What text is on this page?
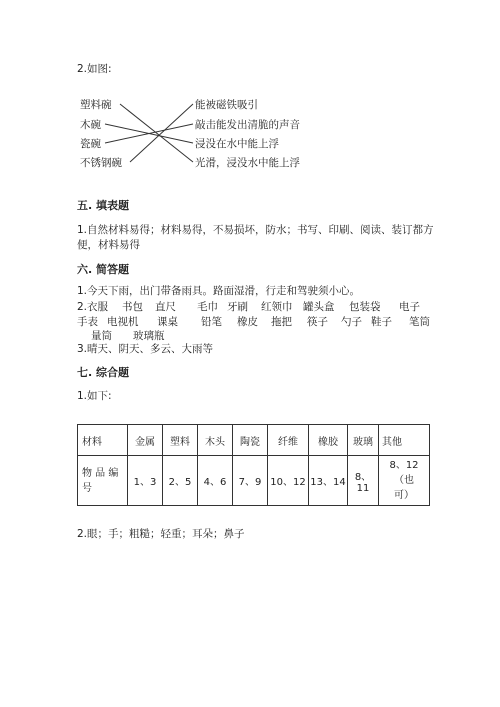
2.如图:
塑料碗
木碗
瓷碗
不锈钢碗
能被磁铁吸引
敲击能发出清脆的声音
浸没在水中能上浮
光滑，浸没水中能上浮
五. 填表题
1.自然材料易得；材料易得，不易损坏，防水；书写、印刷、阅读、装订都方
便，材料易得
六. 简答题
1.今天下雨，出门带备雨具。路面湿滑，行走和驾驶须小心。
2.衣服 书包 直尺 毛巾 牙刷 红领巾 罐头盒 包装袋 电子
手表 电视机 课桌 铅笔 橡皮 拖把 筷子 勺子 鞋子 笔筒
量筒 玻璃瓶
3.晴天、阴天、多云、大雨等
七. 综合题
1.如下:
材料	金属	塑料	木头	陶瓷	纤维	橡胶	玻璃	其他
物 品 编
号	1、3	2、5	4、6	7、9	10、12	13、14	8、11	8、12（也
可）
2.眼；手；粗糙；轻重；耳朵；鼻子
